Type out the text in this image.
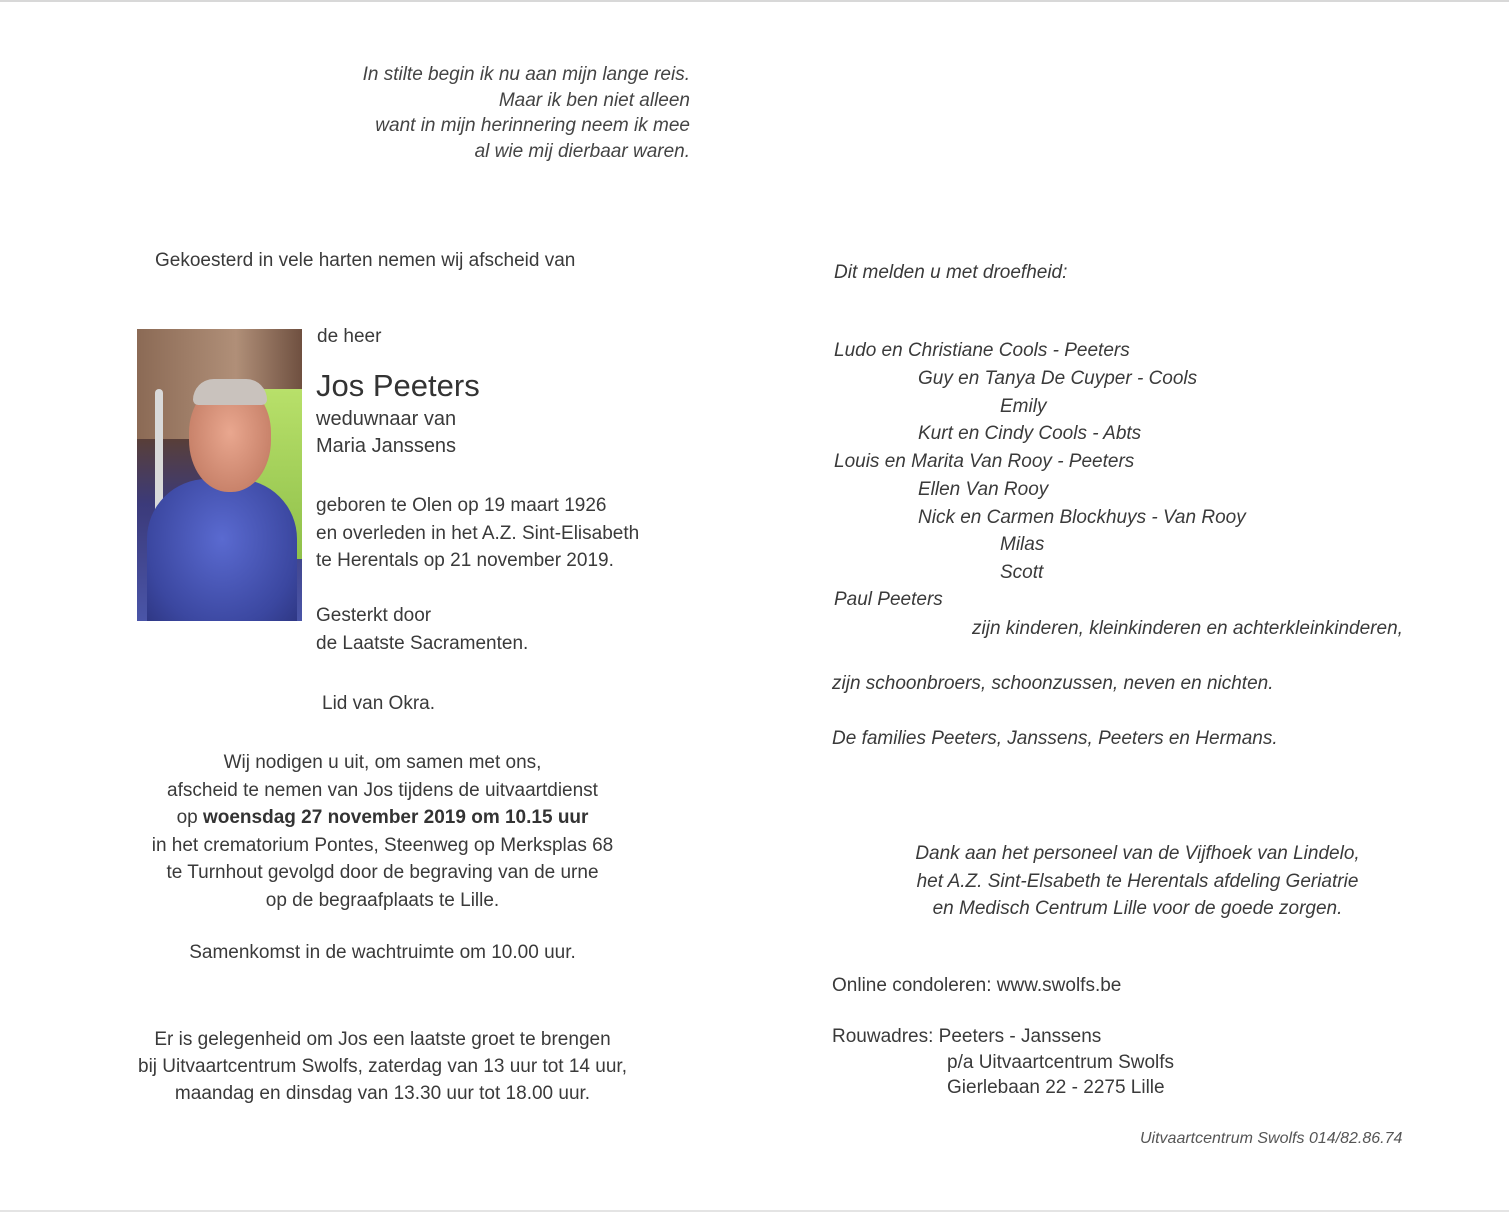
In stilte begin ik nu aan mijn lange reis.
Maar ik ben niet alleen
want in mijn herinnering neem ik mee
al wie mij dierbaar waren.
Gekoesterd in vele harten nemen wij afscheid van
de heer
Jos Peeters
weduwnaar van
Maria Janssens
geboren te Olen op 19 maart 1926
en overleden in het A.Z. Sint-Elisabeth
te Herentals op 21 november 2019.
Gesterkt door
de Laatste Sacramenten.
Lid van Okra.
Wij nodigen u uit, om samen met ons,
afscheid te nemen van Jos tijdens de uitvaartdienst
op woensdag 27 november 2019 om 10.15 uur
in het crematorium Pontes, Steenweg op Merksplas 68
te Turnhout gevolgd door de begraving van de urne
op de begraafplaats te Lille.
Samenkomst in de wachtruimte om 10.00 uur.
Er is gelegenheid om Jos een laatste groet te brengen
bij Uitvaartcentrum Swolfs, zaterdag van 13 uur tot 14 uur,
maandag en dinsdag van 13.30 uur tot 18.00 uur.
Dit melden u met droefheid:
Ludo en Christiane Cools - Peeters
Guy en Tanya De Cuyper - Cools
Emily
Kurt en Cindy Cools - Abts
Louis en Marita Van Rooy - Peeters
Ellen Van Rooy
Nick en Carmen Blockhuys - Van Rooy
Milas
Scott
Paul Peeters
zijn kinderen, kleinkinderen en achterkleinkinderen,
zijn schoonbroers, schoonzussen, neven en nichten.
De families Peeters, Janssens, Peeters en Hermans.
Dank aan het personeel van de Vijfhoek van Lindelo,
het A.Z. Sint-Elsabeth te Herentals afdeling Geriatrie
en Medisch Centrum Lille voor de goede zorgen.
Online condoleren: www.swolfs.be
Rouwadres: Peeters - Janssens
p/a Uitvaartcentrum Swolfs
Gierlebaan 22 - 2275 Lille
Uitvaartcentrum Swolfs 014/82.86.74
